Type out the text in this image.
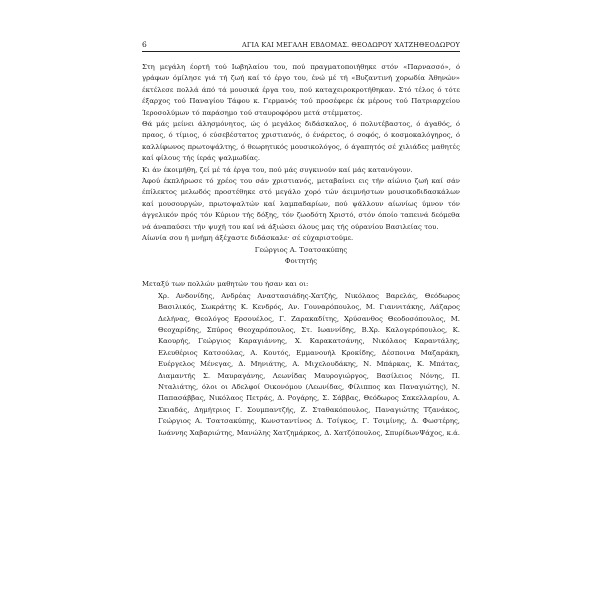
6	ΑΓΙΑ ΚΑΙ ΜΕΓΑΛΗ ΕΒΔΟΜΑΣ. ΘΕΟΔΩΡΟΥ ΧΑΤΖΗΘΕΟΔΩΡΟΥ

Στη μεγάλη έορτή τού Ιωβηλαίου του, πού πραγματοποιήθηκε στόν «Παρνασσό», ό γράφων όμίλησε γιά τή ζωή καί τό έργο του, ένώ μέ τή «Βυζαντινή χορωδία Άθηνών» έκτέλεσε πολλά άπό τά μουσικά έργα του, πού καταχειροκροτήθηκαν. Στό τέλος ό τότε έξαρχος τού Παναγίου Τάφου κ. Γερμανός τού προσέφερε έκ μέρους τού Πατριαρχείου Ίεροσολύμων τό παράσημο τού σταυροφόρου μετά στέμματος.

Θά μάς μείνει άλησμόνητος, ώς ό μεγάλος διδάσκαλος, ό πολυτέβαστος, ό άγαθός, ό πραος, ό τίμιος, ό εύσεβέστατος χριστιανός, ό ένάρετος, ό σοφός, ό κοσμοκαλόγηρος, ό καλλίφωνος πρωτοψάλτης, ό θεωρητικός μουσικολόγος, ό άγαπητός σέ χιλιάδες μαθητές καί φίλους τής ίεράς ψαλμωδίας.

Κι άν έκοιμήθη, ζεί μέ τά έργα του, πού μάς συγκινούν καί μάς κατανύγουν.

Άφού έκπλήρωσε τό χρέος του σάν χριστιανός, μεταβαίνει εις τήν αίώνιο ζωή καί σάν έπίλεκτος μελωδός προστέθηκε στό μεγάλο χορό τών άειμνήστων μουσικοδιδασκάλων καί μουσουργών, πρωτοψαλτών καί λαμπαδαρίων, πού ψάλλουν αίωνίως ύμνον τόν άγγελικόν πρός τόν Κύριον τής δόξης, τόν ζωοδότη Χριστό, στόν όποίο ταπεινά δεόμεθα νά άναπαύσει τήν ψυχή του καί νά άξιώσει όλους μας τής ούρανίου Βασιλείας του.

Αίωνία σου ή μνήμη άξέχαστε διδάσκαλε· σέ εύχαριστούμε.

Γεώργιος Α. Τσατσακύπης

Φοιτητής

Μεταξύ των πολλών μαθητών του ήσαν και οι:

Χρ. Ανδονίδης, Ανδρέας Αναστασιάδης-Χατζής, Νικόλαος Βαρελάς, Θεόδωρος Βασιλικός, Σωκράτης Κ. Κενδρός, Αν. Γουναρόπουλος, Μ. Γιαννιτάκης, Λάζαρος Δελήνας, Θεολόγος Ερσουέλος, Γ. Ζαρακαδίτης, Χρύσανθος Θεοδοσόπουλος, Μ. Θεοχαρίδης, Σπύρος Θεοχαρόπουλος, Στ. Ιωαννίδης, Β.Χρ. Καλογερόπουλος, Κ. Καουρής, Γεώργιος Καραγιάννης, Χ. Καρακατσάνης, Νικόλαος Καραντάλης, Ελευθέριος Κατσούλας, Α. Κουτός, Εμμανουήλ Κροκίδης, Δέσποινα Μαζαράκη, Ευέργελος Μένεγας, Δ. Μηνιάτης, Α. Μιχελουδάκης, Ν. Μπάρκας, Κ. Μπάτας, Διαμαντής Σ. Μαυραγάνης, Λεωνίδας Μαυρογιώργος, Βασίλειος Νόνης, Π. Νταλιάτης, όλοι οι Αδελφοί Οικονόμου (Λεωνίδας, Φίλιππος και Παναγιώτης), Ν. Παπασάββας, Νικόλαος Πετράς, Δ. Ρογάρης, Σ. Σάββας, Θεόδωρος Σακελλαρίου, Α. Σκιαδάς, Δημήτριος Γ. Σουμπαντζής, Ζ. Σταθακόπουλος, Παναγιώτης Τζανάκος, Γεώργιος Α. Τσατσακύπης, Κωνσταντίνος Δ. Τσίγκος, Γ. Τσιμίνης, Δ. Φωστέρης, Ιωάννης Χαβαριώτης, Μανώλης Χατζημάρκος, Δ. Χατζόπουλος, ΣπυρίδωνΨάχος, κ.ά.
